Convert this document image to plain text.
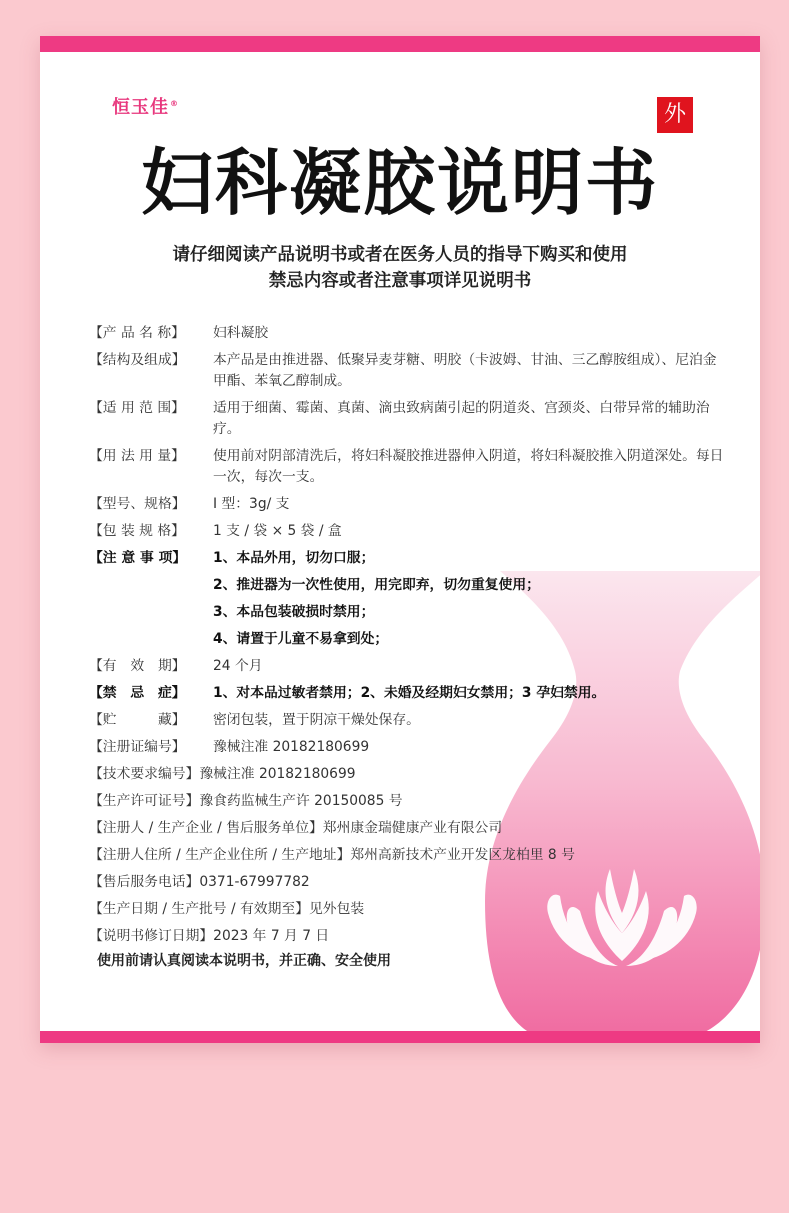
恒玉佳®	外
妇科凝胶说明书
请仔细阅读产品说明书或者在医务人员的指导下购买和使用
禁忌内容或者注意事项详见说明书
【产 品 名 称】	妇科凝胶
【结构及组成】	本产品是由推进器、低聚异麦芽糖、明胶（卡波姆、甘油、三乙醇胺组成）、尼泊金甲酯、苯氧乙醇制成。
【适 用 范 围】	适用于细菌、霉菌、真菌、滴虫致病菌引起的阴道炎、宫颈炎、白带异常的辅助治疗。
【用 法 用 量】	使用前对阴部清洗后，将妇科凝胶推进器伸入阴道，将妇科凝胶推入阴道深处。每日一次，每次一支。
【型号、规格】	I 型：3g/ 支
【包 装 规 格】	1 支 / 袋 × 5 袋 / 盒
【注 意 事 项】	1、本品外用，切勿口服；
2、推进器为一次性使用，用完即弃，切勿重复使用；
3、本品包装破损时禁用；
4、请置于儿童不易拿到处；
【有　效　期】	24 个月
【禁　忌　症】	1、对本品过敏者禁用；2、未婚及经期妇女禁用；3 孕妇禁用。
【贮　　　藏】	密闭包装，置于阴凉干燥处保存。
【注册证编号】	豫械注准 20182180699
【技术要求编号】豫械注准 20182180699
【生产许可证号】豫食药监械生产许 20150085 号
【注册人 / 生产企业 / 售后服务单位】郑州康金瑞健康产业有限公司
【注册人住所 / 生产企业住所 / 生产地址】郑州高新技术产业开发区龙柏里 8 号
【售后服务电话】0371-67997782
【生产日期 / 生产批号 / 有效期至】见外包装
【说明书修订日期】2023 年 7 月 7 日
使用前请认真阅读本说明书，并正确、安全使用
